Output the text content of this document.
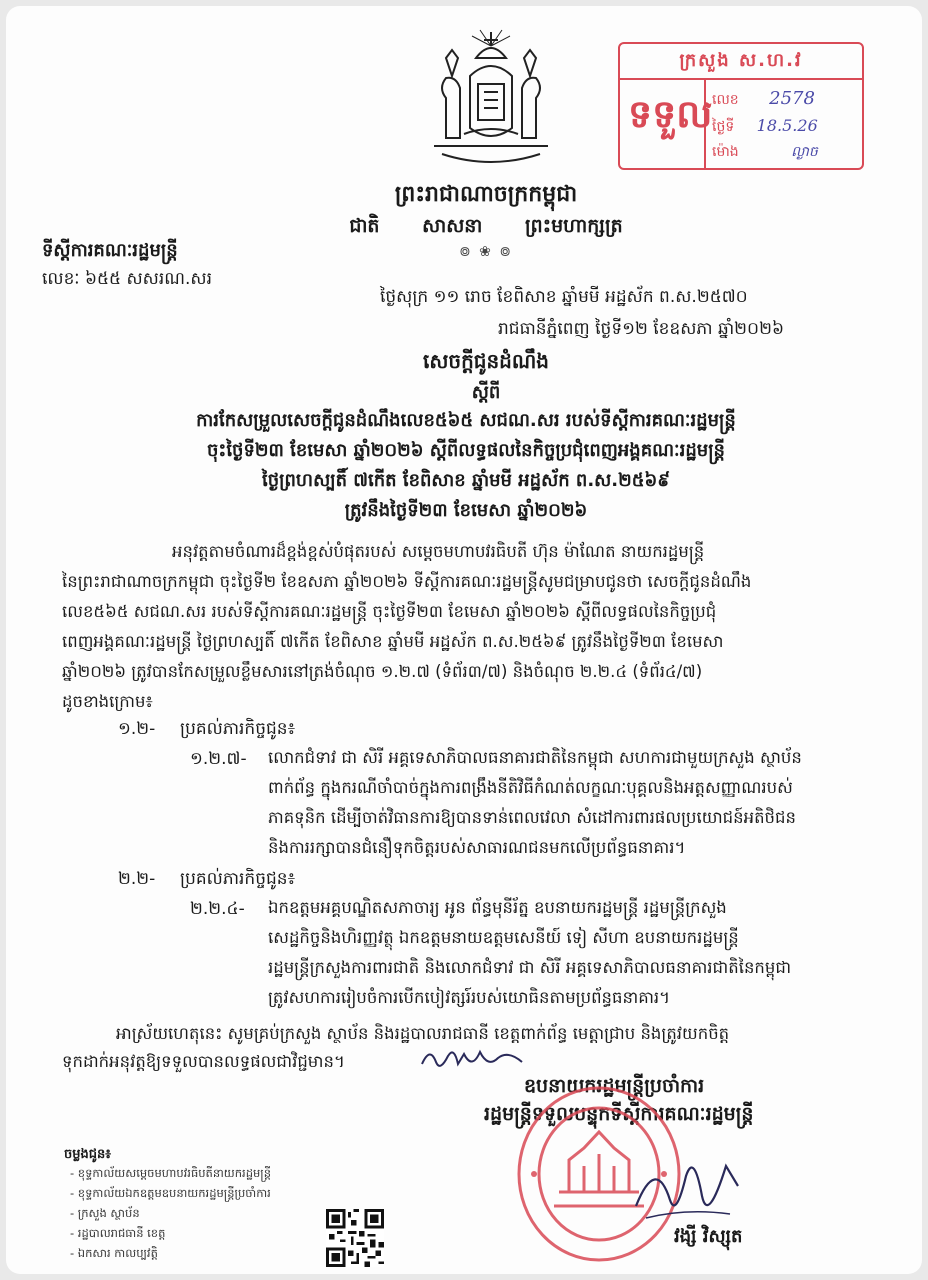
ព្រះរាជាណាចក្រកម្ពុជា
ជាតិ សាសនា ព្រះមហាក្សត្រ
៙ ❀ ៙
ទីស្តីការគណៈរដ្ឋមន្ត្រី
លេខៈ ៦៥៥ សសរណ.សរ
ថ្ងៃសុក្រ ១១ រោច ខែពិសាខ ឆ្នាំមមី អដ្ឋស័ក ព.ស.២៥៧០
រាជធានីភ្នំពេញ ថ្ងៃទី១២ ខែឧសភា ឆ្នាំ២០២៦
សេចក្តីជូនដំណឹង
ស្តីពី
ការកែសម្រួលសេចក្តីជូនដំណឹងលេខ៥៦៥ សជណ.សរ របស់ទីស្តីការគណៈរដ្ឋមន្ត្រី
ចុះថ្ងៃទី២៣ ខែមេសា ឆ្នាំ២០២៦ ស្តីពីលទ្ធផលនៃកិច្ចប្រជុំពេញអង្គគណៈរដ្ឋមន្ត្រី
ថ្ងៃព្រហស្បតិ៍ ៧កើត ខែពិសាខ ឆ្នាំមមី អដ្ឋស័ក ព.ស.២៥៦៩
ត្រូវនឹងថ្ងៃទី២៣ ខែមេសា ឆ្នាំ២០២៦
អនុវត្តតាមចំណារដ៏ខ្ពង់ខ្ពស់បំផុតរបស់ សម្តេចមហាបវរធិបតី ហ៊ុន ម៉ាណែត នាយករដ្ឋមន្ត្រី
នៃព្រះរាជាណាចក្រកម្ពុជា ចុះថ្ងៃទី២ ខែឧសភា ឆ្នាំ២០២៦ ទីស្តីការគណៈរដ្ឋមន្ត្រីសូមជម្រាបជូនថា សេចក្តីជូនដំណឹង
លេខ៥៦៥ សជណ.សរ របស់ទីស្តីការគណៈរដ្ឋមន្ត្រី ចុះថ្ងៃទី២៣ ខែមេសា ឆ្នាំ២០២៦ ស្តីពីលទ្ធផលនៃកិច្ចប្រជុំ
ពេញអង្គគណៈរដ្ឋមន្ត្រី ថ្ងៃព្រហស្បតិ៍ ៧កើត ខែពិសាខ ឆ្នាំមមី អដ្ឋស័ក ព.ស.២៥៦៩ ត្រូវនឹងថ្ងៃទី២៣ ខែមេសា
ឆ្នាំ២០២៦ ត្រូវបានកែសម្រួលខ្លឹមសារនៅត្រង់ចំណុច ១.២.៧ (ទំព័រ៣/៧) និងចំណុច ២.២.៤ (ទំព័រ៤/៧)
ដូចខាងក្រោម៖
១.២- ប្រគល់ភារកិច្ចជូន៖
១.២.៧- លោកជំទាវ ជា សិរី អគ្គទេសាភិបាលធនាគារជាតិនៃកម្ពុជា សហការជាមួយក្រសួង ស្ថាប័ន
ពាក់ព័ន្ធ ក្នុងករណីចាំបាច់ក្នុងការពង្រឹងនីតិវិធីកំណត់លក្ខណៈបុគ្គលនិងអត្តសញ្ញាណរបស់
ភាគទុនិក ដើម្បីចាត់វិធានការឱ្យបានទាន់ពេលវេលា សំដៅការពារផលប្រយោជន៍អតិថិជន
និងការរក្សាបានជំនឿទុកចិត្តរបស់សាធារណជនមកលើប្រព័ន្ធធនាគារ។
២.២- ប្រគល់ភារកិច្ចជូន៖
២.២.៤- ឯកឧត្តមអគ្គបណ្ឌិតសភាចារ្យ អូន ព័ន្ធមុនីរ័ត្ន ឧបនាយករដ្ឋមន្ត្រី រដ្ឋមន្ត្រីក្រសួង
សេដ្ឋកិច្ចនិងហិរញ្ញវត្ថុ ឯកឧត្តមនាយឧត្តមសេនីយ៍ ទៀ សីហា ឧបនាយករដ្ឋមន្ត្រី
រដ្ឋមន្ត្រីក្រសួងការពារជាតិ និងលោកជំទាវ ជា សិរី អគ្គទេសាភិបាលធនាគារជាតិនៃកម្ពុជា
ត្រូវសហការរៀបចំការបើកបៀវត្សរ៍របស់យោធិនតាមប្រព័ន្ធធនាគារ។
អាស្រ័យហេតុនេះ សូមគ្រប់ក្រសួង ស្ថាប័ន និងរដ្ឋបាលរាជធានី ខេត្តពាក់ព័ន្ធ មេត្តាជ្រាប និងត្រូវយកចិត្ត
ទុកដាក់អនុវត្តឱ្យទទួលបានលទ្ធផលជាវិជ្ជមាន។
ឧបនាយករដ្ឋមន្ត្រីប្រចាំការ
រដ្ឋមន្ត្រីទទួលបន្ទុកទីស្តីការគណៈរដ្ឋមន្ត្រី
វង្សី វិស្សុត
ចម្លងជូន៖
- ខុទ្ទកាល័យសម្តេចមហាបវរធិបតីនាយករដ្ឋមន្ត្រី
- ខុទ្ទកាល័យឯកឧត្តមឧបនាយករដ្ឋមន្ត្រីប្រចាំការ
- ក្រសួង ស្ថាប័ន
- រដ្ឋបាលរាជធានី ខេត្ត
- ឯកសារ កាលប្បវត្តិ
ក្រសួង ស.ហ.វ
ទទួល លេខ 2578
ថ្ងៃទី 18.5.26
ម៉ោង	ល្ងាច
